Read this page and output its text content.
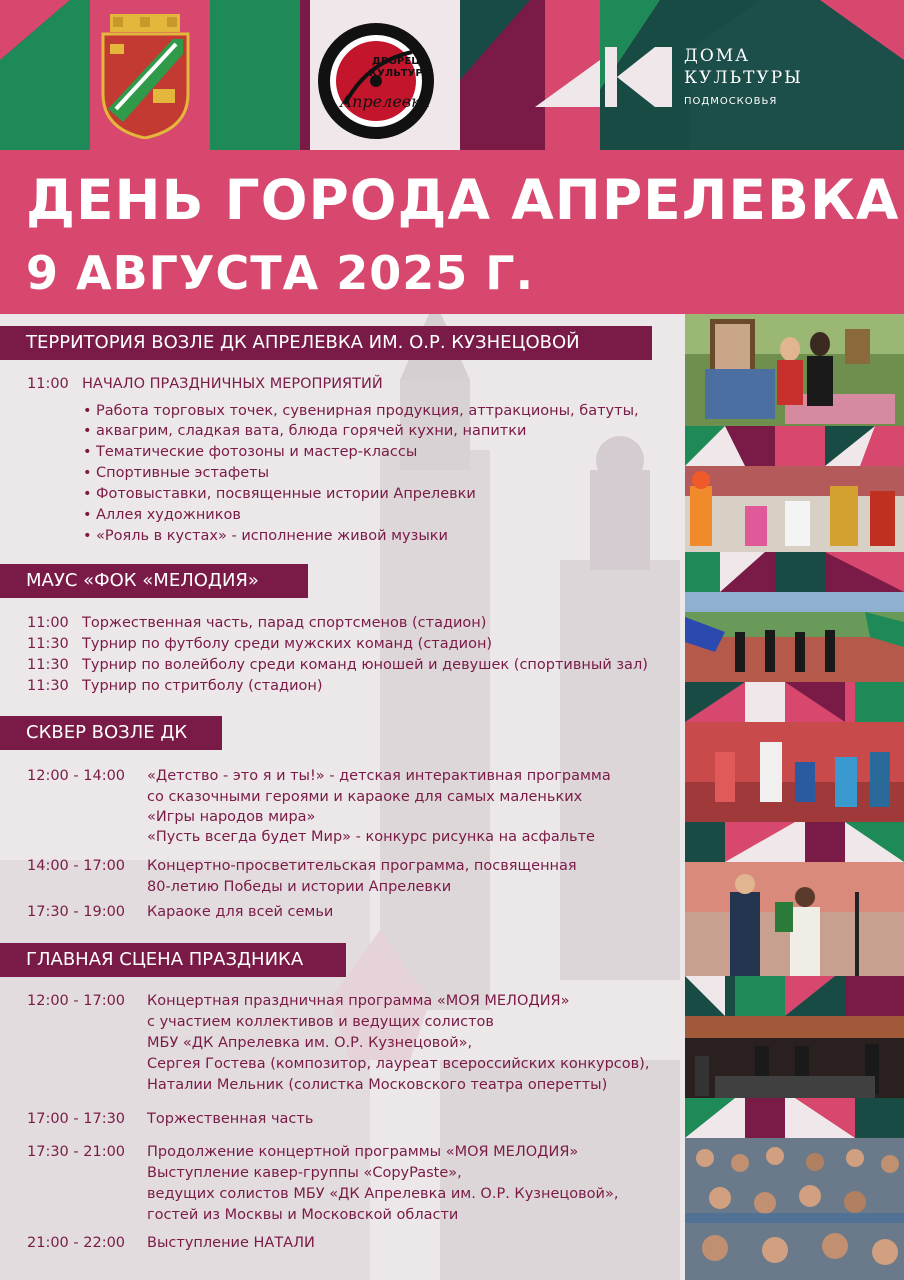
ДВОРЕЦ
КУЛЬТУРЫ
Апрелевка
ДОМА
КУЛЬТУРЫ
ПОДМОСКОВЬЯ
ДЕНЬ ГОРОДА АПРЕЛЕВКА
9 АВГУСТА 2025 Г.
ТЕРРИТОРИЯ ВОЗЛЕ ДК АПРЕЛЕВКА ИМ. О.Р. КУЗНЕЦОВОЙ
11:00 НАЧАЛО ПРАЗДНИЧНЫХ МЕРОПРИЯТИЙ
• Работа торговых точек, сувенирная продукция, аттракционы, батуты,
• аквагрим, сладкая вата, блюда горячей кухни, напитки
• Тематические фотозоны и мастер-классы
• Спортивные эстафеты
• Фотовыставки, посвященные истории Апрелевки
• Аллея художников
• «Рояль в кустах» - исполнение живой музыки
МАУС «ФОК «МЕЛОДИЯ»
11:00 Торжественная часть, парад спортсменов (стадион)
11:30 Турнир по футболу среди мужских команд (стадион)
11:30 Турнир по волейболу среди команд юношей и девушек (спортивный зал)
11:30 Турнир по стритболу (стадион)
СКВЕР ВОЗЛЕ ДК
12:00 - 14:00 «Детство - это я и ты!» - детская интерактивная программа
со сказочными героями и караоке для самых маленьких
«Игры народов мира»
«Пусть всегда будет Мир» - конкурс рисунка на асфальте
14:00 - 17:00 Концертно-просветительская программа, посвященная
80-летию Победы и истории Апрелевки
17:30 - 19:00 Караоке для всей семьи
ГЛАВНАЯ СЦЕНА ПРАЗДНИКА
12:00 - 17:00 Концертная праздничная программа «МОЯ МЕЛОДИЯ»
с участием коллективов и ведущих солистов
МБУ «ДК Апрелевка им. О.Р. Кузнецовой»,
Сергея Гостева (композитор, лауреат всероссийских конкурсов),
Наталии Мельник (солистка Московского театра оперетты)
17:00 - 17:30 Торжественная часть
17:30 - 21:00 Продолжение концертной программы «МОЯ МЕЛОДИЯ»
Выступление кавер-группы «CopyPaste»,
ведущих солистов МБУ «ДК Апрелевка им. О.Р. Кузнецовой»,
гостей из Москвы и Московской области
21:00 - 22:00 Выступление НАТАЛИ
